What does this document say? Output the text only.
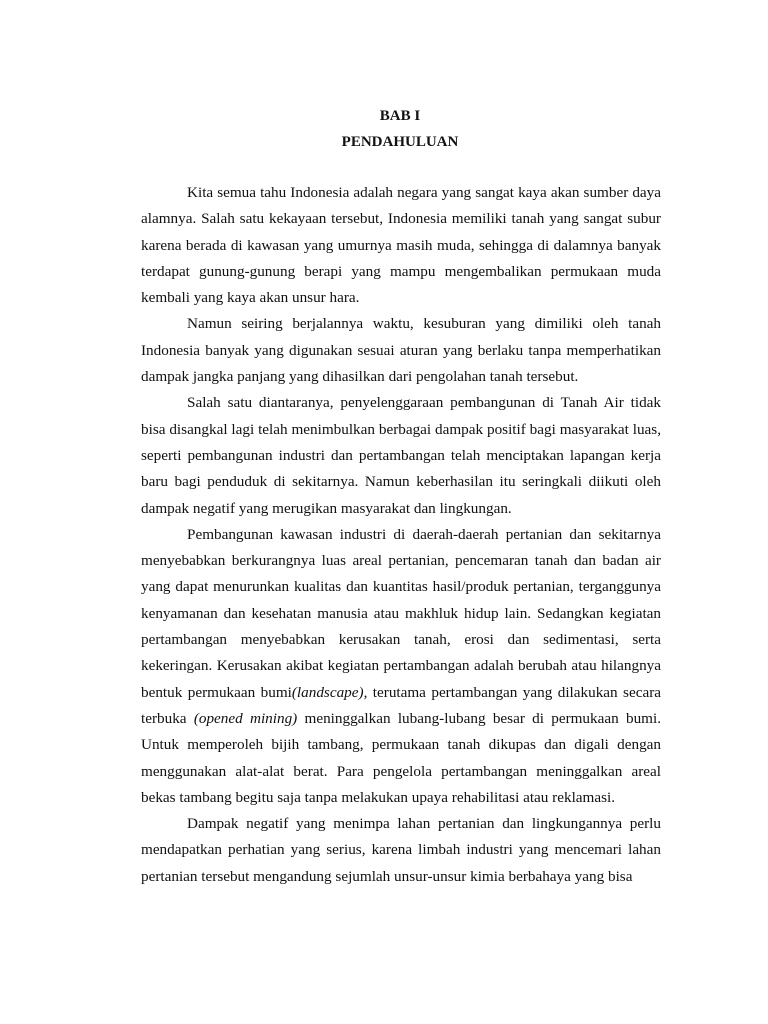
BAB I
PENDAHULUAN

Kita semua tahu Indonesia adalah negara yang sangat kaya akan sumber daya alamnya. Salah satu kekayaan tersebut, Indonesia memiliki tanah yang sangat subur karena berada di kawasan yang umurnya masih muda, sehingga di dalamnya banyak terdapat gunung-gunung berapi yang mampu mengembalikan permukaan muda kembali yang kaya akan unsur hara.

Namun seiring berjalannya waktu, kesuburan yang dimiliki oleh tanah Indonesia banyak yang digunakan sesuai aturan yang berlaku tanpa memperhatikan dampak jangka panjang yang dihasilkan dari pengolahan tanah tersebut.

Salah satu diantaranya, penyelenggaraan pembangunan di Tanah Air tidak bisa disangkal lagi telah menimbulkan berbagai dampak positif bagi masyarakat luas, seperti pembangunan industri dan pertambangan telah menciptakan lapangan kerja baru bagi penduduk di sekitarnya. Namun keberhasilan itu seringkali diikuti oleh dampak negatif yang merugikan masyarakat dan lingkungan.

Pembangunan kawasan industri di daerah-daerah pertanian dan sekitarnya menyebabkan berkurangnya luas areal pertanian, pencemaran tanah dan badan air yang dapat menurunkan kualitas dan kuantitas hasil/produk pertanian, terganggunya kenyamanan dan kesehatan manusia atau makhluk hidup lain. Sedangkan kegiatan pertambangan menyebabkan kerusakan tanah, erosi dan sedimentasi, serta kekeringan. Kerusakan akibat kegiatan pertambangan adalah berubah atau hilangnya bentuk permukaan bumi(landscape), terutama pertambangan yang dilakukan secara terbuka (opened mining) meninggalkan lubang-lubang besar di permukaan bumi. Untuk memperoleh bijih tambang, permukaan tanah dikupas dan digali dengan menggunakan alat-alat berat. Para pengelola pertambangan meninggalkan areal bekas tambang begitu saja tanpa melakukan upaya rehabilitasi atau reklamasi.

Dampak negatif yang menimpa lahan pertanian dan lingkungannya perlu mendapatkan perhatian yang serius, karena limbah industri yang mencemari lahan pertanian tersebut mengandung sejumlah unsur-unsur kimia berbahaya yang bisa
